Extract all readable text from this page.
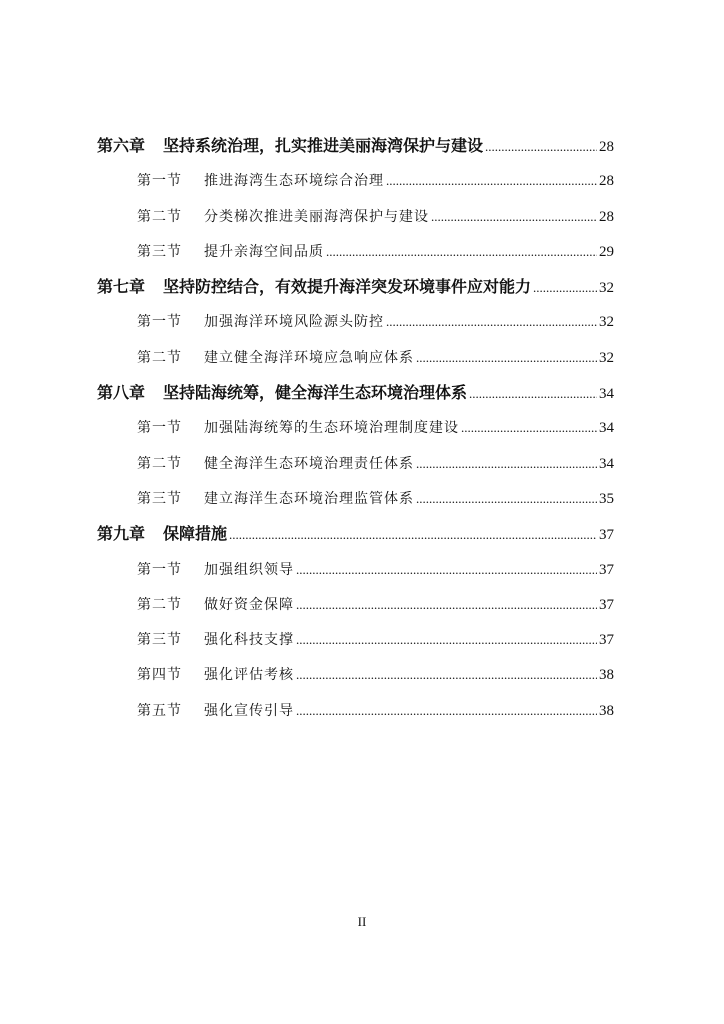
第六章 坚持系统治理，扎实推进美丽海湾保护与建设 .....	28
第一节 推进海湾生态环境综合治理 .....	28
第二节 分类梯次推进美丽海湾保护与建设 .....	28
第三节 提升亲海空间品质 .....	29
第七章 坚持防控结合，有效提升海洋突发环境事件应对能力 .....	32
第一节 加强海洋环境风险源头防控 .....	32
第二节 建立健全海洋环境应急响应体系 .....	32
第八章 坚持陆海统筹，健全海洋生态环境治理体系 .....	34
第一节 加强陆海统筹的生态环境治理制度建设 .....	34
第二节 健全海洋生态环境治理责任体系 .....	34
第三节 建立海洋生态环境治理监管体系 .....	35
第九章 保障措施 .....	37
第一节 加强组织领导 .....	37
第二节 做好资金保障 .....	37
第三节 强化科技支撑 .....	37
第四节 强化评估考核 .....	38
第五节 强化宣传引导 .....	38
II
